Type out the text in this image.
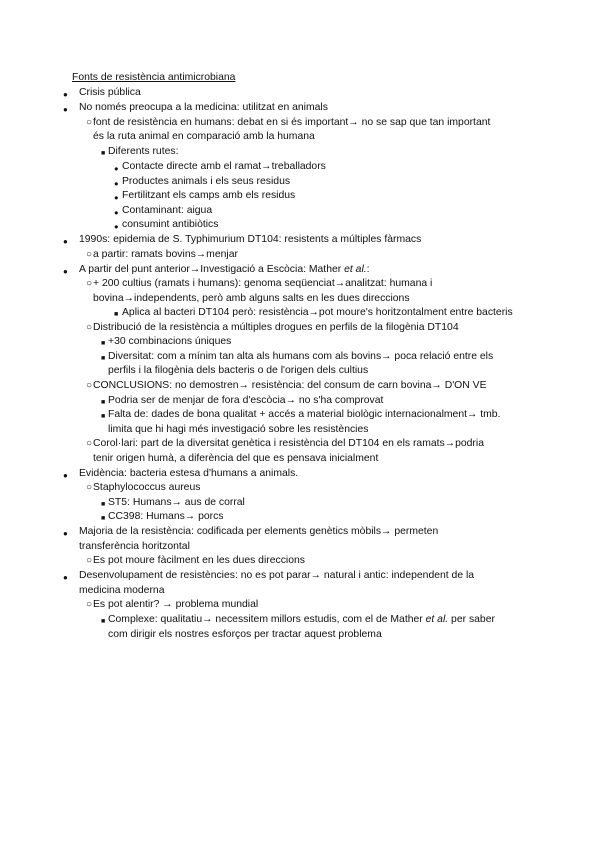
Fonts de resistència antimicrobiana
● Crisis pública
● No només preocupa a la medicina: utilitzat en animals
○ font de resistència en humans: debat en si és important→ no se sap que tan important
és la ruta animal en comparació amb la humana
■ Diferents rutes:
● Contacte directe amb el ramat→treballadors
● Productes animals i els seus residus
● Fertilitzant els camps amb els residus
● Contaminant: aigua
● consumint antibiòtics
● 1990s: epidemia de S. Typhimurium DT104: resistents a múltiples fàrmacs
○ a partir: ramats bovins→menjar
● A partir del punt anterior→Investigació a Escòcia: Mather et al.:
○ + 200 cultius (ramats i humans): genoma seqüenciat→analitzat: humana i
bovina→independents, però amb alguns salts en les dues direccions
■ Aplica al bacteri DT104 però: resistència→pot moure's horitzontalment entre bacteris
○ Distribució de la resistència a múltiples drogues en perfils de la filogènia DT104
■ +30 combinacions úniques
■ Diversitat: com a mínim tan alta als humans com als bovins→ poca relació entre els
perfils i la filogènia dels bacteris o de l'origen dels cultius
○ CONCLUSIONS: no demostren→ resistència: del consum de carn bovina→ D'ON VE
■ Podria ser de menjar de fora d'escòcia→ no s'ha comprovat
■ Falta de: dades de bona qualitat + accés a material biològic internacionalment→ tmb.
limita que hi hagi més investigació sobre les resistències
○ Corol·lari: part de la diversitat genètica i resistència del DT104 en els ramats→podria
tenir origen humà, a diferència del que es pensava inicialment
● Evidència: bacteria estesa d'humans a animals.
○ Staphylococcus aureus
■ ST5: Humans→ aus de corral
■ CC398: Humans→ porcs
● Majoria de la resistència: codificada per elements genètics mòbils→ permeten
transferència horitzontal
○ Es pot moure fàcilment en les dues direccions
● Desenvolupament de resistències: no es pot parar→ natural i antic: independent de la
medicina moderna
○ Es pot alentir? → problema mundial
■ Complexe: qualitatiu→ necessitem millors estudis, com el de Mather et al. per saber
com dirigir els nostres esforços per tractar aquest problema
